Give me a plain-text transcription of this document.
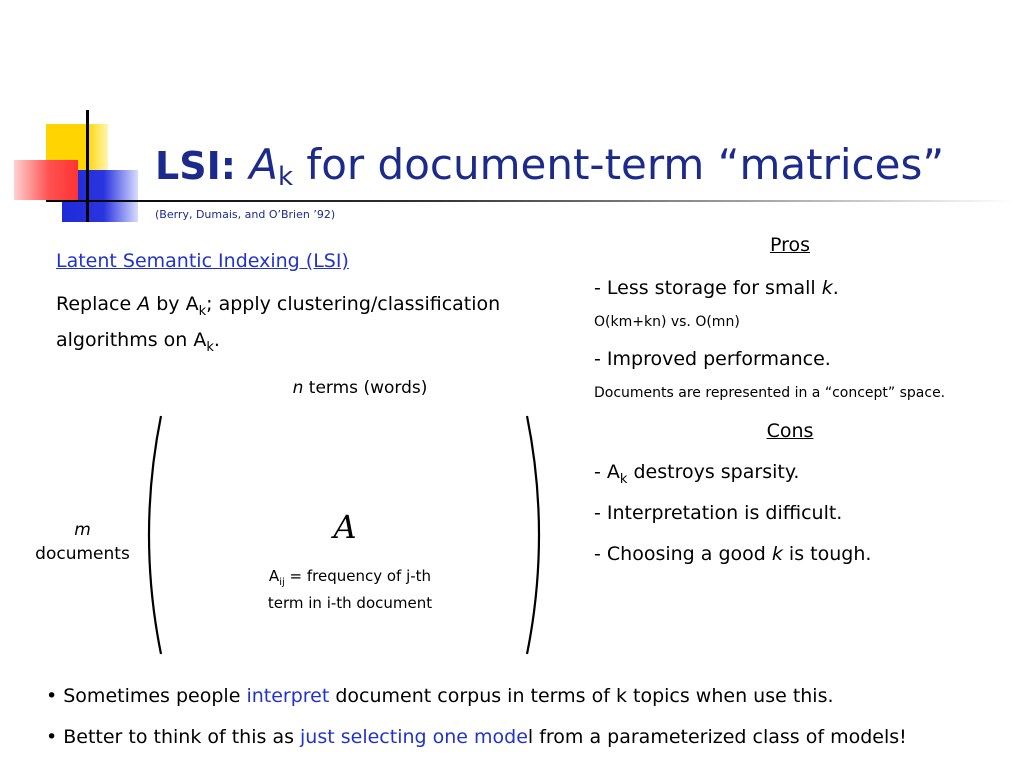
LSI: $A_k$ for document-term “matrices”
(Berry, Dumais, and O’Brien ’92)
Latent Semantic Indexing (LSI)
Replace A by $A_k$; apply clustering/classification algorithms on $A_k$.
n terms (words)
m
documents
A
$A_{ij}$ = frequency of j-th
term in i-th document
Pros
- Less storage for small k.
O(km+kn) vs. O(mn)
- Improved performance.
Documents are represented in a “concept” space.
Cons
- $A_k$ destroys sparsity.
- Interpretation is difficult.
- Choosing a good k is tough.
• Sometimes people interpret document corpus in terms of k topics when use this.
• Better to think of this as just selecting one model from a parameterized class of models!
